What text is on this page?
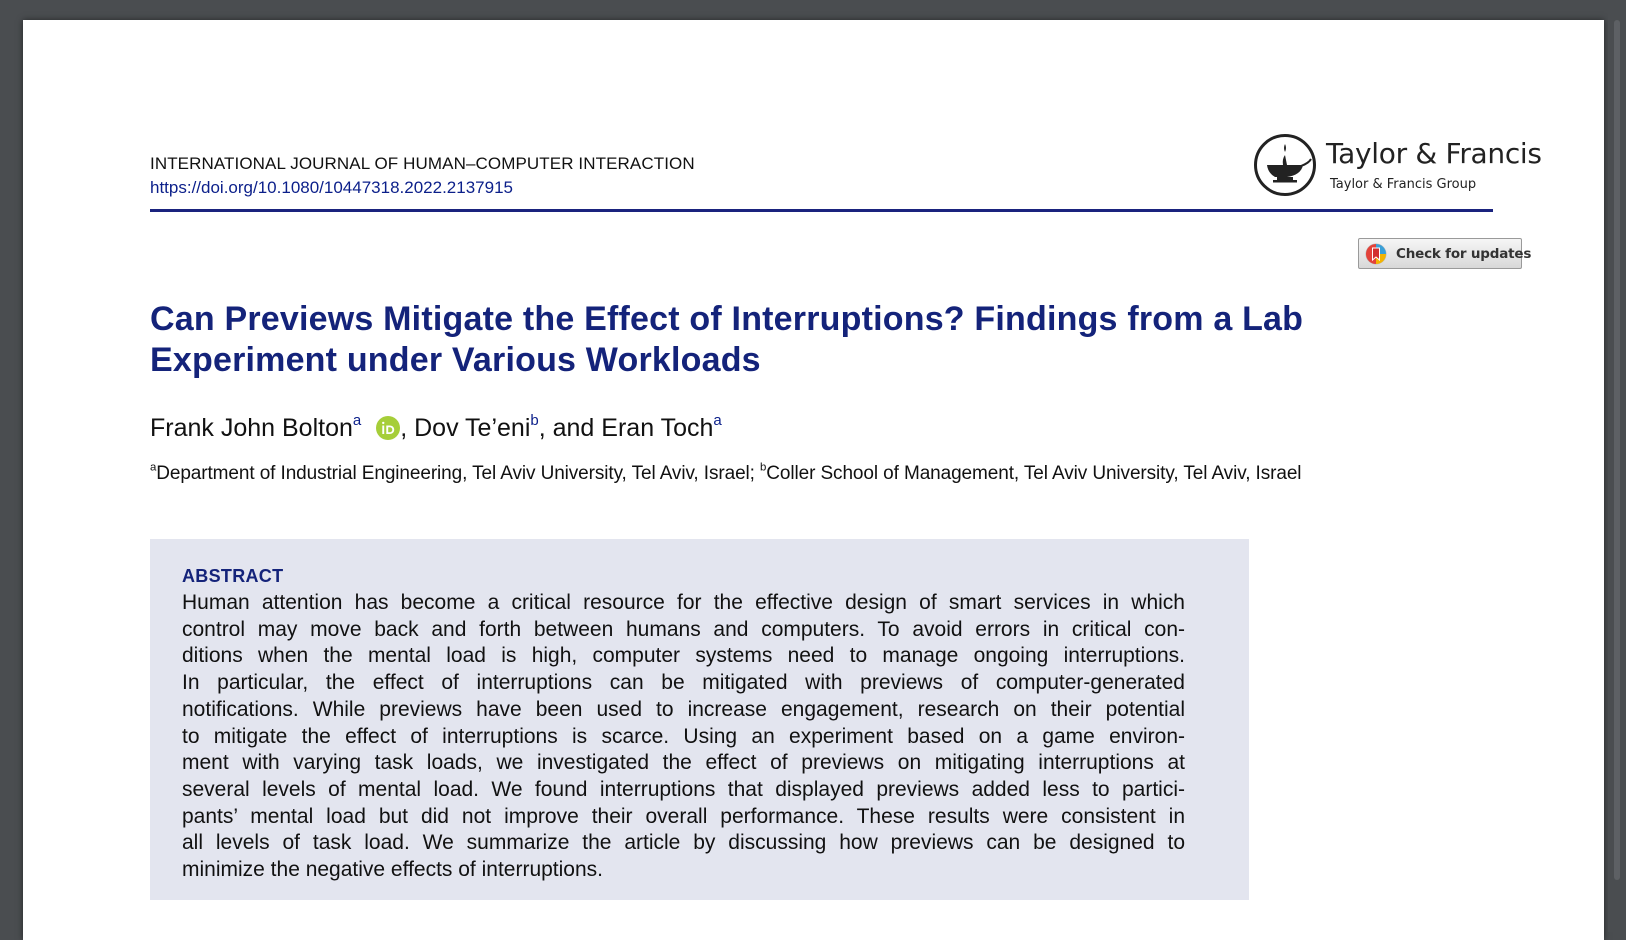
INTERNATIONAL JOURNAL OF HUMAN–COMPUTER INTERACTION
https://doi.org/10.1080/10447318.2022.2137915
Taylor & Francis
Taylor & Francis Group
Check for updates
Can Previews Mitigate the Effect of Interruptions? Findings from a Lab
Experiment under Various Workloads
Frank John Bolton$^a$ , Dov Te’eni$^b$, and Eran Toch$^a$
$^a$Department of Industrial Engineering, Tel Aviv University, Tel Aviv, Israel; $^b$Coller School of Management, Tel Aviv University, Tel Aviv, Israel
ABSTRACT
Human attention has become a critical resource for the effective design of smart services in which
control may move back and forth between humans and computers. To avoid errors in critical con-
ditions when the mental load is high, computer systems need to manage ongoing interruptions.
In particular, the effect of interruptions can be mitigated with previews of computer-generated
notifications. While previews have been used to increase engagement, research on their potential
to mitigate the effect of interruptions is scarce. Using an experiment based on a game environ-
ment with varying task loads, we investigated the effect of previews on mitigating interruptions at
several levels of mental load. We found interruptions that displayed previews added less to partici-
pants’ mental load but did not improve their overall performance. These results were consistent in
all levels of task load. We summarize the article by discussing how previews can be designed to
minimize the negative effects of interruptions.
